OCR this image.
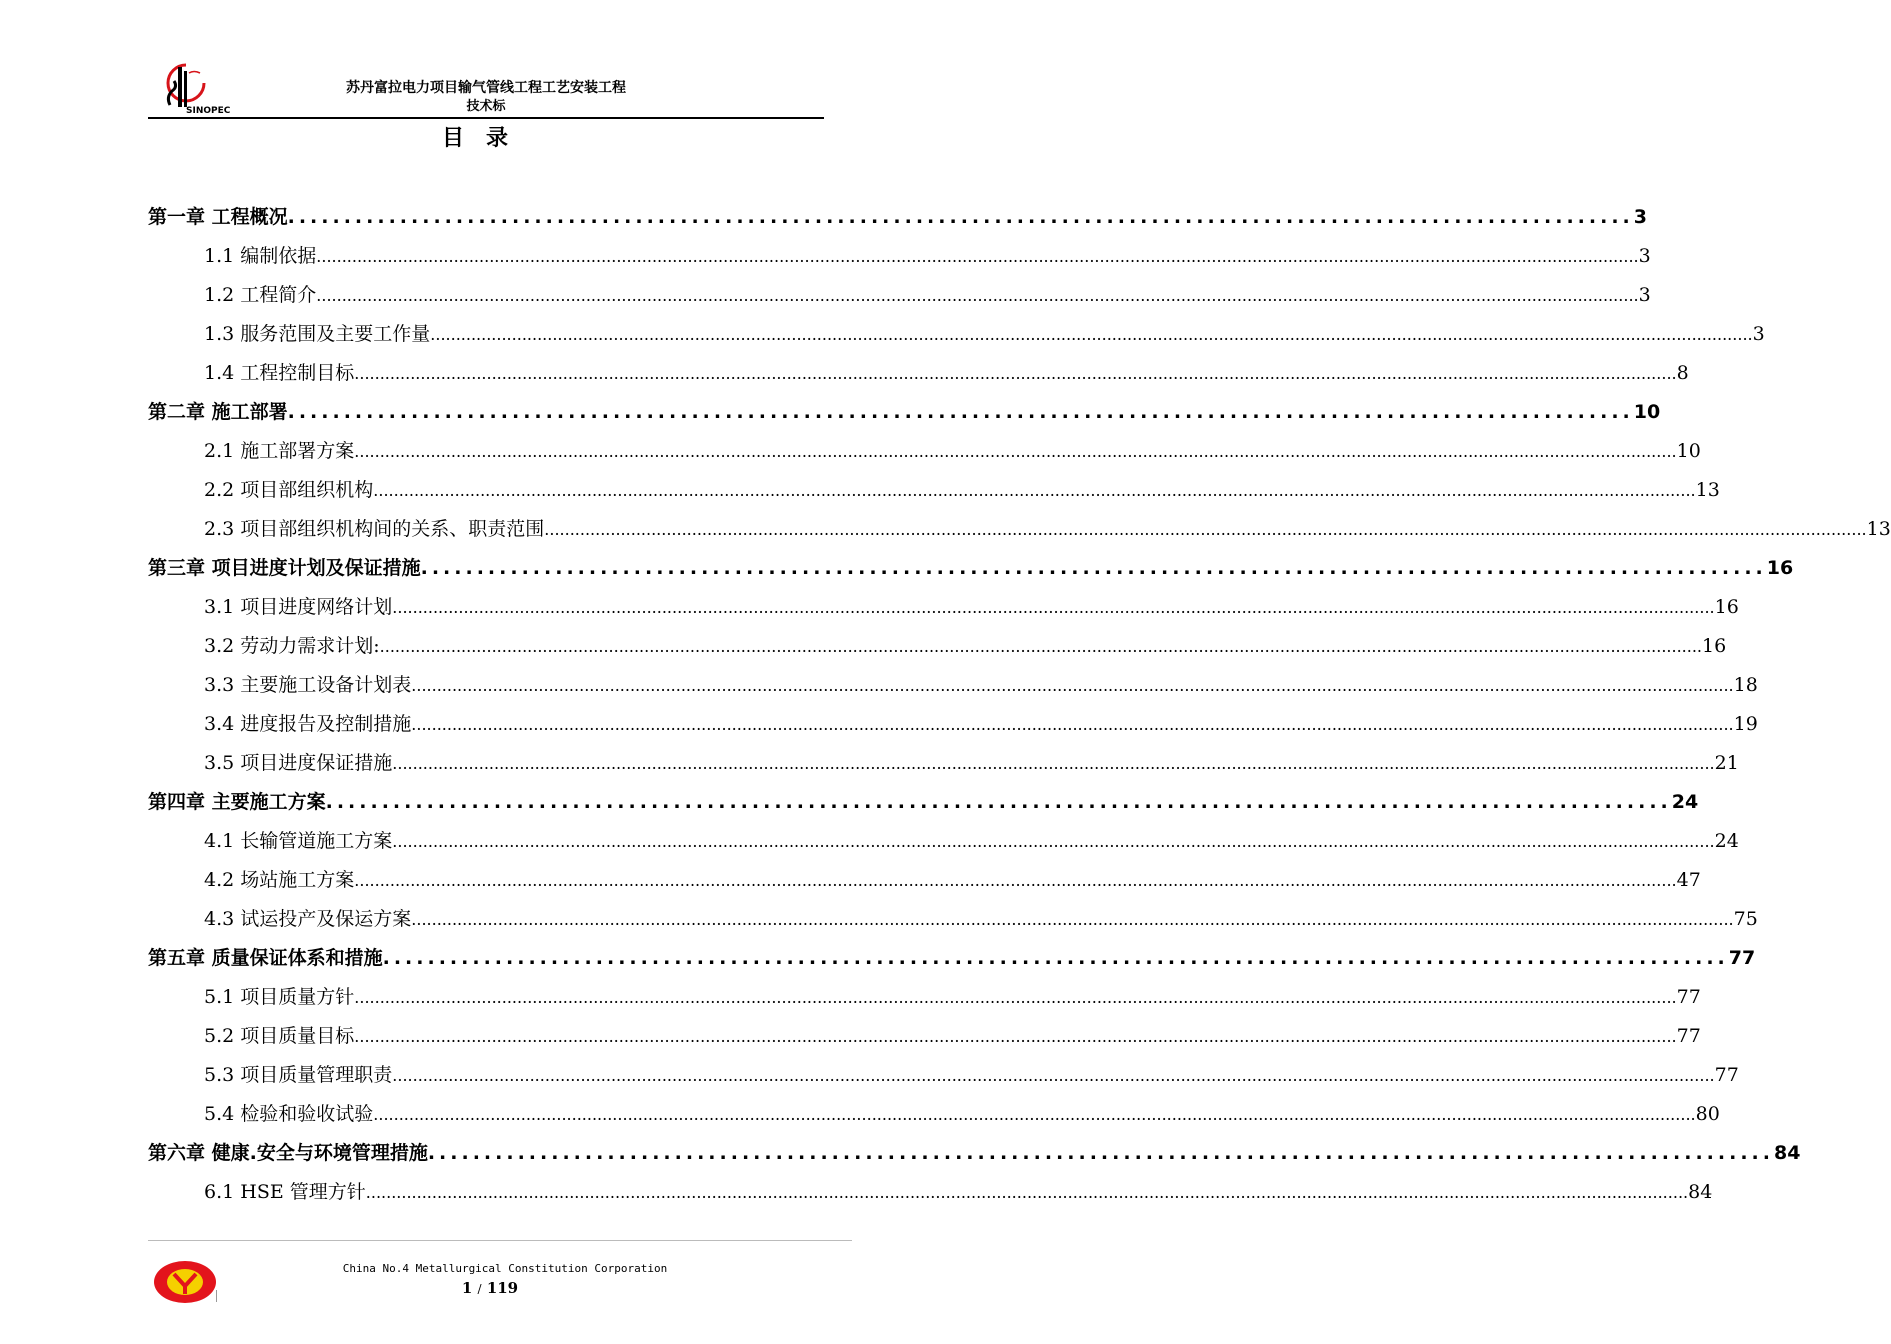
SINOPEC
苏丹富拉电力项目输气管线工程工艺安装工程
技术标
目录
第一章 工程概况 ........................................................................................................................ 3
1.1 编制依据 .................................................................................................................................................................................................................................................................... 3
1.2 工程简介 .................................................................................................................................................................................................................................................................... 3
1.3 服务范围及主要工作量 .................................................................................................................................................................................................................................................................... 3
1.4 工程控制目标 .................................................................................................................................................................................................................................................................... 8
第二章 施工部署 ........................................................................................................................ 10
2.1 施工部署方案 .................................................................................................................................................................................................................................................................... 10
2.2 项目部组织机构 .................................................................................................................................................................................................................................................................... 13
2.3 项目部组织机构间的关系、职责范围 .................................................................................................................................................................................................................................................................... 13
第三章 项目进度计划及保证措施 ........................................................................................................................ 16
3.1 项目进度网络计划 .................................................................................................................................................................................................................................................................... 16
3.2 劳动力需求计划: .................................................................................................................................................................................................................................................................... 16
3.3 主要施工设备计划表 .................................................................................................................................................................................................................................................................... 18
3.4 进度报告及控制措施 .................................................................................................................................................................................................................................................................... 19
3.5 项目进度保证措施 .................................................................................................................................................................................................................................................................... 21
第四章 主要施工方案 ........................................................................................................................ 24
4.1 长输管道施工方案 .................................................................................................................................................................................................................................................................... 24
4.2 场站施工方案 .................................................................................................................................................................................................................................................................... 47
4.3 试运投产及保运方案 .................................................................................................................................................................................................................................................................... 75
第五章 质量保证体系和措施 ........................................................................................................................ 77
5.1 项目质量方针 .................................................................................................................................................................................................................................................................... 77
5.2 项目质量目标 .................................................................................................................................................................................................................................................................... 77
5.3 项目质量管理职责 .................................................................................................................................................................................................................................................................... 77
5.4 检验和验收试验 .................................................................................................................................................................................................................................................................... 80
第六章 健康.安全与环境管理措施 ........................................................................................................................ 84
6.1 HSE 管理方针 .................................................................................................................................................................................................................................................................... 84
China No.4 Metallurgical Constitution Corporation
1 / 119
